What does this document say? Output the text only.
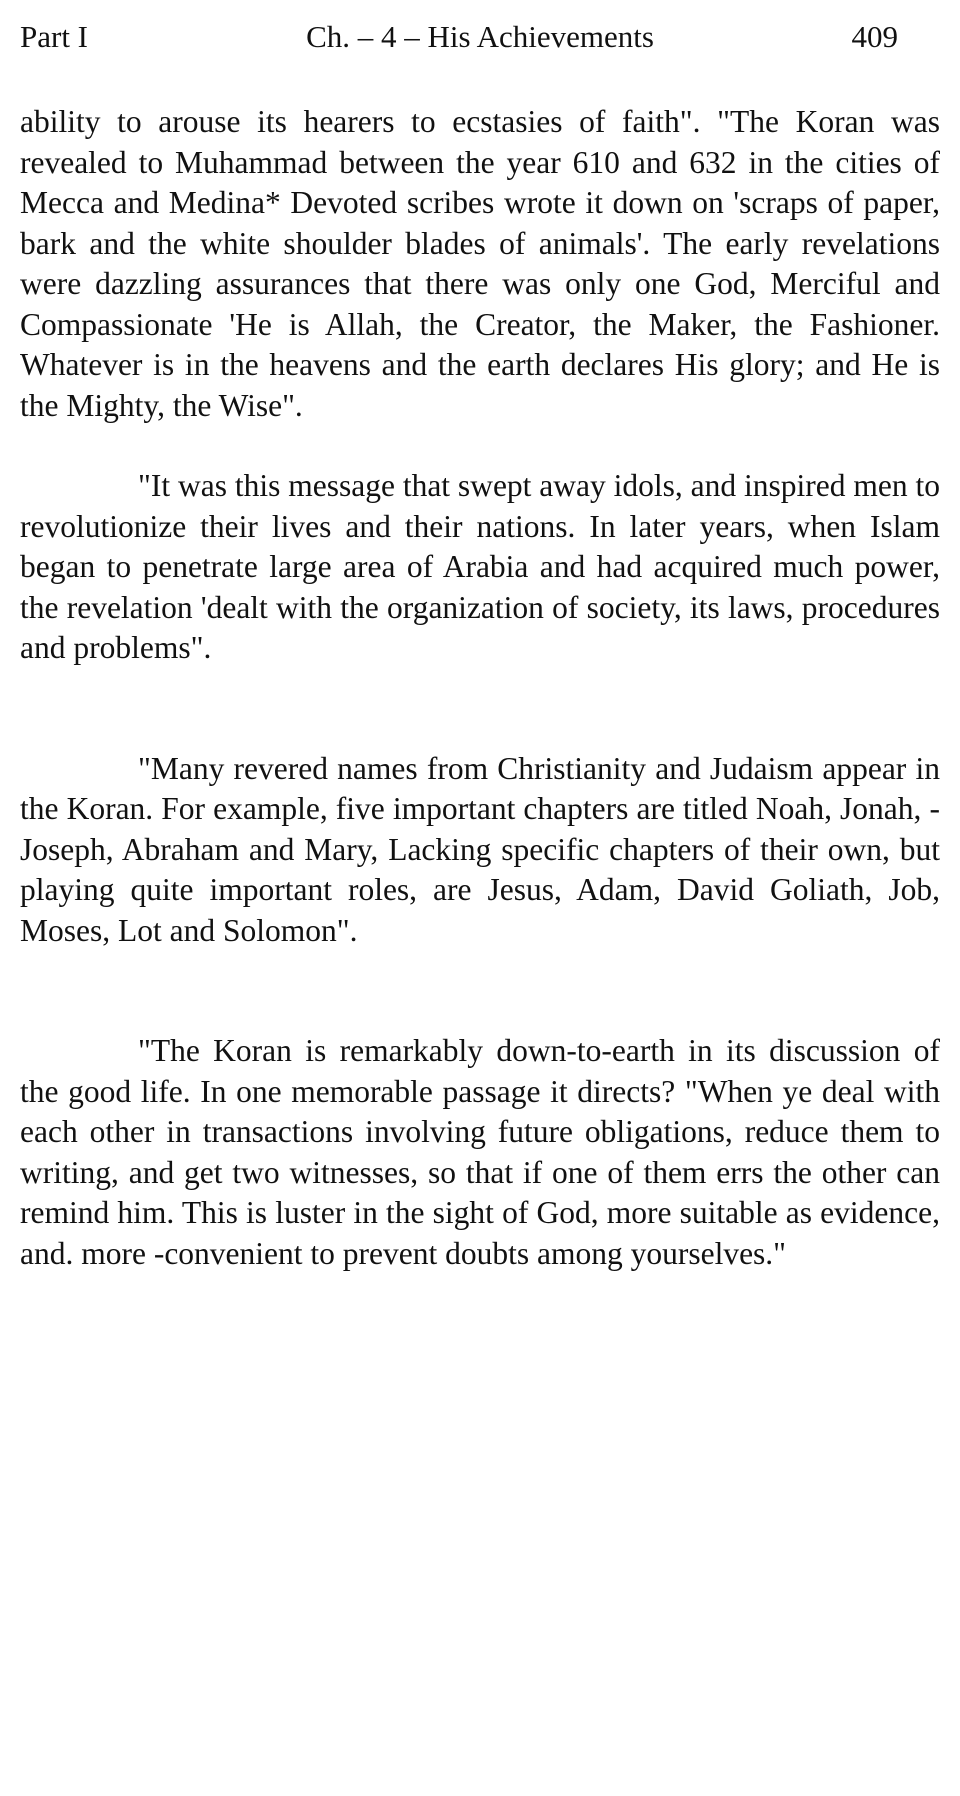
Part I	Ch. – 4 – His Achievements	409

ability to arouse its hearers to ecstasies of faith". "The Koran was revealed to Muhammad between the year 610 and 632 in the cities of Mecca and Medina* Devoted scribes wrote it down on 'scraps of paper, bark and the white shoulder blades of animals'. The early revelations were dazzling assurances that there was only one God, Merciful and Compassionate 'He is Allah, the Creator, the Maker, the Fashioner. Whatever is in the heavens and the earth declares His glory; and He is the Mighty, the Wise".

"It was this message that swept away idols, and inspired men to revolutionize their lives and their nations. In later years, when Islam began to penetrate large area of Arabia and had acquired much power, the revelation 'dealt with the organization of society, its laws, procedures and problems".

"Many revered names from Christianity and Judaism appear in the Koran. For example, five important chapters are titled Noah, Jonah, -Joseph, Abraham and Mary, Lacking specific chapters of their own, but playing quite important roles, are Jesus, Adam, David Goliath, Job, Moses, Lot and Solomon".

"The Koran is remarkably down-to-earth in its discussion of the good life. In one memorable passage it directs? "When ye deal with each other in transactions involving future obligations, reduce them to writing, and get two witnesses, so that if one of them errs the other can remind him. This is luster in the sight of God, more suitable as evidence, and. more -convenient to prevent doubts among yourselves."
